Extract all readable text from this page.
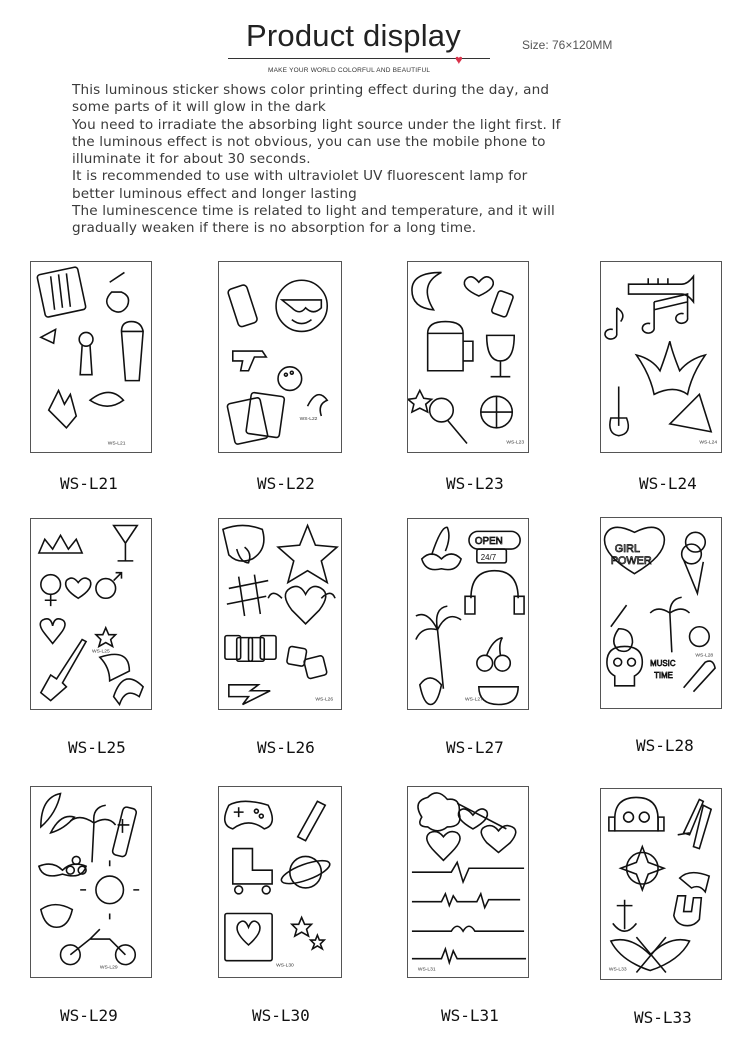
Product display
♥
MAKE YOUR WORLD COLORFUL AND BEAUTIFUL
Size: 76×120MM
This luminous sticker shows color printing effect during the day, and
some parts of it will glow in the dark
You need to irradiate the absorbing light source under the light first. If
the luminous effect is not obvious, you can use the mobile phone to
illuminate it for about 30 seconds.
It is recommended to use with ultraviolet UV fluorescent lamp for
better luminous effect and longer lasting
The luminescence time is related to light and temperature, and it will
gradually weaken if there is no absorption for a long time.
WS-L21
WS-L21
WS-L22
WS-L22
WS-L23
WS-L23
WS-L24
WS-L24
WS-L25
WS-L25
WS-L26
WS-L26
OPEN
24/7
WS-L27
WS-L27
GIRL
POWER
MUSIC
TIME
WS-L28
WS-L28
WS-L29
WS-L29
WS-L30
WS-L30
WS-L31
WS-L31
WS-L33
WS-L33
